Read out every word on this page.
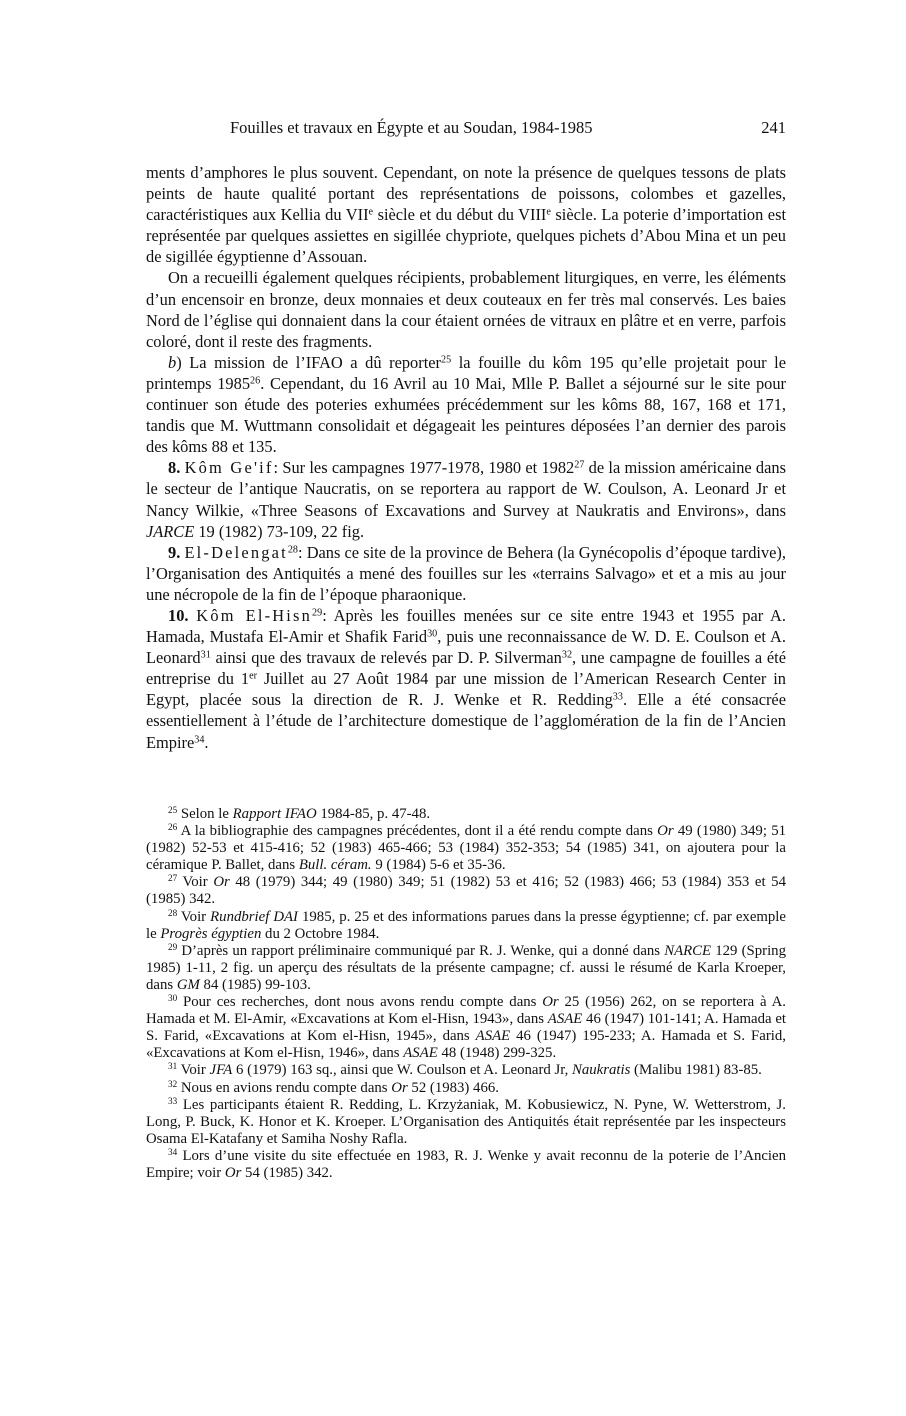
Fouilles et travaux en Égypte et au Soudan, 1984-1985	241

ments d’amphores le plus souvent. Cependant, on note la présence de quelques tessons de plats peints de haute qualité portant des représentations de poissons, colombes et gazelles, caractéristiques aux Kellia du VIIe siècle et du début du VIIIe siècle. La poterie d’importation est représentée par quelques assiettes en sigillée chypriote, quelques pichets d’Abou Mina et un peu de sigillée égyptienne d’Assouan.

On a recueilli également quelques récipients, probablement liturgiques, en verre, les éléments d’un encensoir en bronze, deux monnaies et deux couteaux en fer très mal conservés. Les baies Nord de l’église qui donnaient dans la cour étaient ornées de vitraux en plâtre et en verre, parfois coloré, dont il reste des fragments.

b) La mission de l’IFAO a dû reporter$^{25}$ la fouille du kôm 195 qu’elle projetait pour le printemps 1985$^{26}$. Cependant, du 16 Avril au 10 Mai, Mlle P. Ballet a séjourné sur le site pour continuer son étude des poteries exhumées précédemment sur les kôms 88, 167, 168 et 171, tandis que M. Wuttmann consolidait et dégageait les peintures déposées l’an dernier des parois des kôms 88 et 135.

8. Kôm Ge'if: Sur les campagnes 1977-1978, 1980 et 1982$^{27}$ de la mission américaine dans le secteur de l’antique Naucratis, on se reportera au rapport de W. Coulson, A. Leonard Jr et Nancy Wilkie, «Three Seasons of Excavations and Survey at Naukratis and Environs», dans JARCE 19 (1982) 73-109, 22 fig.

9. El-Delengat$^{28}$: Dans ce site de la province de Behera (la Gynécopolis d’époque tardive), l’Organisation des Antiquités a mené des fouilles sur les «terrains Salvago» et et a mis au jour une nécropole de la fin de l’époque pharaonique.

10. Kôm El-Hisn$^{29}$: Après les fouilles menées sur ce site entre 1943 et 1955 par A. Hamada, Mustafa El-Amir et Shafik Farid$^{30}$, puis une reconnaissance de W. D. E. Coulson et A. Leonard$^{31}$ ainsi que des travaux de relevés par D. P. Silverman$^{32}$, une campagne de fouilles a été entreprise du 1er Juillet au 27 Août 1984 par une mission de l’American Research Center in Egypt, placée sous la direction de R. J. Wenke et R. Redding$^{33}$. Elle a été consacrée essentiellement à l’étude de l’architecture domestique de l’agglomération de la fin de l’Ancien Empire$^{34}$.

$^{25}$ Selon le Rapport IFAO 1984-85, p. 47-48.

$^{26}$ A la bibliographie des campagnes précédentes, dont il a été rendu compte dans Or 49 (1980) 349; 51 (1982) 52-53 et 415-416; 52 (1983) 465-466; 53 (1984) 352-353; 54 (1985) 341, on ajoutera pour la céramique P. Ballet, dans Bull. céram. 9 (1984) 5-6 et 35-36.

$^{27}$ Voir Or 48 (1979) 344; 49 (1980) 349; 51 (1982) 53 et 416; 52 (1983) 466; 53 (1984) 353 et 54 (1985) 342.

$^{28}$ Voir Rundbrief DAI 1985, p. 25 et des informations parues dans la presse égyptienne; cf. par exemple le Progrès égyptien du 2 Octobre 1984.

$^{29}$ D’après un rapport préliminaire communiqué par R. J. Wenke, qui a donné dans NARCE 129 (Spring 1985) 1-11, 2 fig. un aperçu des résultats de la présente campagne; cf. aussi le résumé de Karla Kroeper, dans GM 84 (1985) 99-103.

$^{30}$ Pour ces recherches, dont nous avons rendu compte dans Or 25 (1956) 262, on se reportera à A. Hamada et M. El-Amir, «Excavations at Kom el-Hisn, 1943», dans ASAE 46 (1947) 101-141; A. Hamada et S. Farid, «Excavations at Kom el-Hisn, 1945», dans ASAE 46 (1947) 195-233; A. Hamada et S. Farid, «Excavations at Kom el-Hisn, 1946», dans ASAE 48 (1948) 299-325.

$^{31}$ Voir JFA 6 (1979) 163 sq., ainsi que W. Coulson et A. Leonard Jr, Naukratis (Malibu 1981) 83-85.

$^{32}$ Nous en avions rendu compte dans Or 52 (1983) 466.

$^{33}$ Les participants étaient R. Redding, L. Krzyżaniak, M. Kobusiewicz, N. Pyne, W. Wetterstrom, J. Long, P. Buck, K. Honor et K. Kroeper. L’Organisation des Antiquités était représentée par les inspecteurs Osama El-Katafany et Samiha Noshy Rafla.

$^{34}$ Lors d’une visite du site effectuée en 1983, R. J. Wenke y avait reconnu de la poterie de l’Ancien Empire; voir Or 54 (1985) 342.
